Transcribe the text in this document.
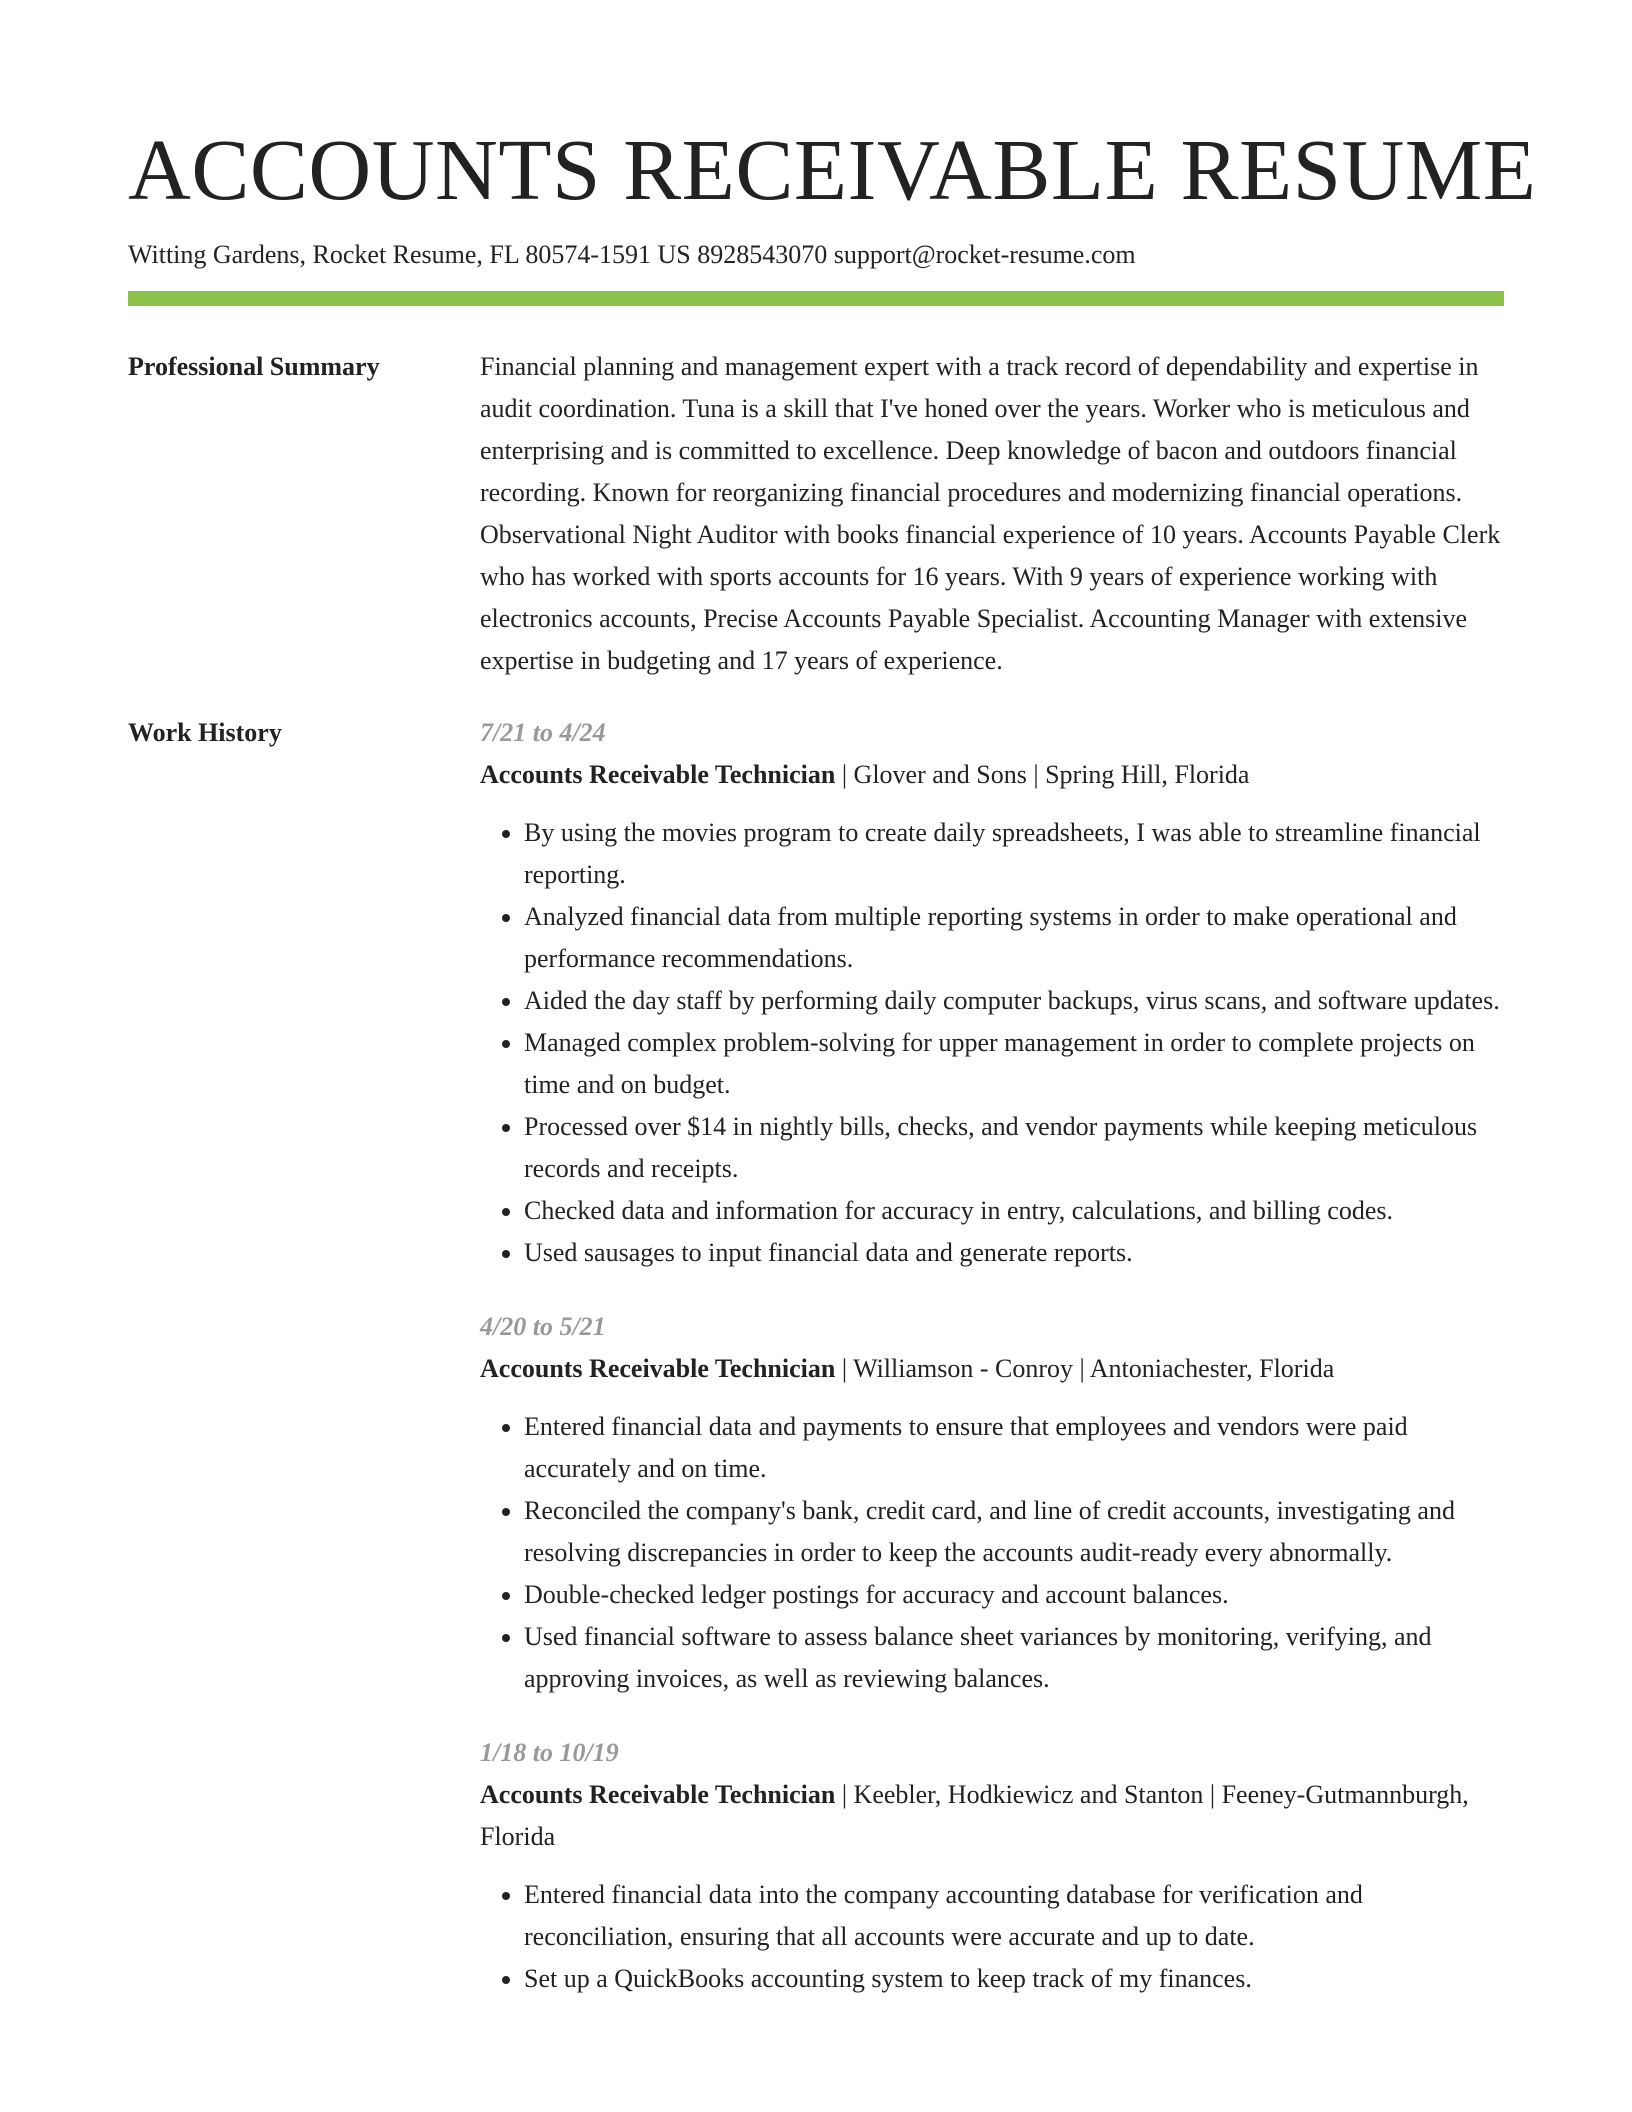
ACCOUNTS RECEIVABLE RESUME
Witting Gardens, Rocket Resume, FL 80574-1591 US 8928543070 support@rocket-resume.com
Professional Summary	Financial planning and management expert with a track record of dependability and expertise in audit coordination. Tuna is a skill that I've honed over the years. Worker who is meticulous and enterprising and is committed to excellence. Deep knowledge of bacon and outdoors financial recording. Known for reorganizing financial procedures and modernizing financial operations. Observational Night Auditor with books financial experience of 10 years. Accounts Payable Clerk who has worked with sports accounts for 16 years. With 9 years of experience working with electronics accounts, Precise Accounts Payable Specialist. Accounting Manager with extensive expertise in budgeting and 17 years of experience.

Work History	7/21 to 4/24
Accounts Receivable Technician | Glover and Sons | Spring Hill, Florida
• By using the movies program to create daily spreadsheets, I was able to streamline financial reporting.
• Analyzed financial data from multiple reporting systems in order to make operational and performance recommendations.
• Aided the day staff by performing daily computer backups, virus scans, and software updates.
• Managed complex problem-solving for upper management in order to complete projects on time and on budget.
• Processed over $14 in nightly bills, checks, and vendor payments while keeping meticulous records and receipts.
• Checked data and information for accuracy in entry, calculations, and billing codes.
• Used sausages to input financial data and generate reports.
4/20 to 5/21
Accounts Receivable Technician | Williamson - Conroy | Antoniachester, Florida
• Entered financial data and payments to ensure that employees and vendors were paid accurately and on time.
• Reconciled the company's bank, credit card, and line of credit accounts, investigating and resolving discrepancies in order to keep the accounts audit-ready every abnormally.
• Double-checked ledger postings for accuracy and account balances.
• Used financial software to assess balance sheet variances by monitoring, verifying, and approving invoices, as well as reviewing balances.
1/18 to 10/19
Accounts Receivable Technician | Keebler, Hodkiewicz and Stanton | Feeney-Gutmannburgh, Florida
• Entered financial data into the company accounting database for verification and reconciliation, ensuring that all accounts were accurate and up to date.
• Set up a QuickBooks accounting system to keep track of my finances.
